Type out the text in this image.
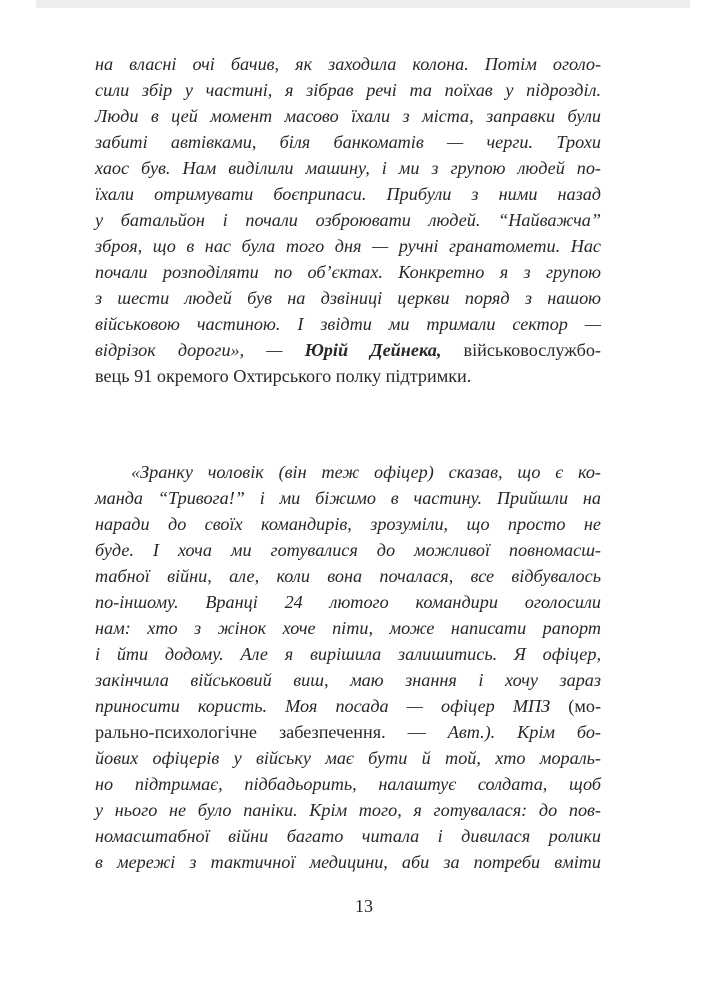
на власні очі бачив, як заходила колона. Потім оголо-
сили збір у частині, я зібрав речі та поїхав у підрозділ.
Люди в цей момент масово їхали з міста, заправки були
забиті автівками, біля банкоматів — черги. Трохи
хаос був. Нам виділили машину, і ми з групою людей по-
їхали отримувати боєприпаси. Прибули з ними назад
у батальйон і почали озброювати людей. “Найважча”
зброя, що в нас була того дня — ручні гранатомети. Нас
почали розподіляти по об’єктах. Конкретно я з групою
з шести людей був на дзвіниці церкви поряд з нашою
військовою частиною. І звідти ми тримали сектор —
відрізок дороги», — Юрій Дейнека, військовослужбо-
вець 91 окремого Охтирського полку підтримки.
«Зранку чоловік (він теж офіцер) сказав, що є ко-
манда “Тривога!” і ми біжимо в частину. Прийшли на
наради до своїх командирів, зрозуміли, що просто не
буде. І хоча ми готувалися до можливої повномасш-
табної війни, але, коли вона почалася, все відбувалось
по-іншому. Вранці 24 лютого командири оголосили
нам: хто з жінок хоче піти, може написати рапорт
і йти додому. Але я вирішила залишитись. Я офіцер,
закінчила військовий виш, маю знання і хочу зараз
приносити користь. Моя посада — офіцер МПЗ (мо-
рально-психологічне забезпечення. — Авт.). Крім бо-
йових офіцерів у війську має бути й той, хто мораль-
но підтримає, підбадьорить, налаштує солдата, щоб
у нього не було паніки. Крім того, я готувалася: до пов-
номасштабної війни багато читала і дивилася ролики
в мережі з тактичної медицини, аби за потреби вміти
13
